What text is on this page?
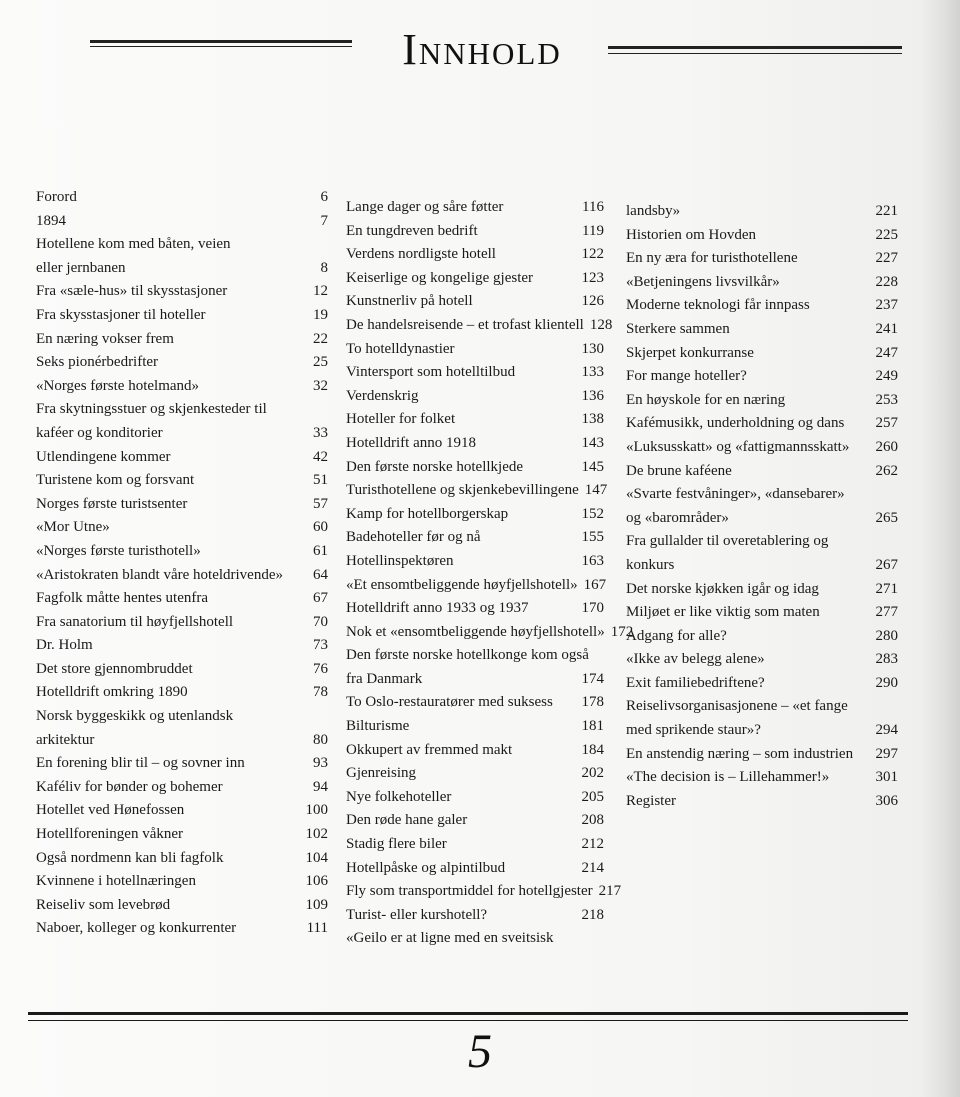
Innhold
Forord	6
1894	7
Hotellene kom med båten, veien
eller jernbanen	8
Fra «sæle-hus» til skysstasjoner	12
Fra skysstasjoner til hoteller	19
En næring vokser frem	22
Seks pionérbedrifter	25
«Norges første hotelmand»	32
Fra skytningsstuer og skjenkesteder til
kaféer og konditorier	33
Utlendingene kommer	42
Turistene kom og forsvant	51
Norges første turistsenter	57
«Mor Utne»	60
«Norges første turisthotell»	61
«Aristokraten blandt våre hoteldrivende»	64
Fagfolk måtte hentes utenfra	67
Fra sanatorium til høyfjellshotell	70
Dr. Holm	73
Det store gjennombruddet	76
Hotelldrift omkring 1890	78
Norsk byggeskikk og utenlandsk
arkitektur	80
En forening blir til – og sovner inn	93
Kaféliv for bønder og bohemer	94
Hotellet ved Hønefossen	100
Hotellforeningen våkner	102
Også nordmenn kan bli fagfolk	104
Kvinnene i hotellnæringen	106
Reiseliv som levebrød	109
Naboer, kolleger og konkurrenter	111
Lange dager og såre føtter	116
En tungdreven bedrift	119
Verdens nordligste hotell	122
Keiserlige og kongelige gjester	123
Kunstnerliv på hotell	126
De handelsreisende – et trofast klientell 128
To hotelldynastier	130
Vintersport som hotelltilbud	133
Verdenskrig	136
Hoteller for folket	138
Hotelldrift anno 1918	143
Den første norske hotellkjede	145
Turisthotellene og skjenkebevillingene 147
Kamp for hotellborgerskap	152
Badehoteller før og nå	155
Hotellinspektøren	163
«Et ensomtbeliggende høyfjellshotell» 167
Hotelldrift anno 1933 og 1937	170
Nok et «ensomtbeliggende høyfjellshotell» 172
Den første norske hotellkonge kom også
fra Danmark	174
To Oslo-restauratører med suksess	178
Bilturisme	181
Okkupert av fremmed makt	184
Gjenreising	202
Nye folkehoteller	205
Den røde hane galer	208
Stadig flere biler	212
Hotellpåske og alpintilbud	214
Fly som transportmiddel for hotellgjester 217
Turist- eller kurshotell?	218
«Geilo er at ligne med en sveitsisk
landsby»	221
Historien om Hovden	225
En ny æra for turisthotellene	227
«Betjeningens livsvilkår»	228
Moderne teknologi får innpass	237
Sterkere sammen	241
Skjerpet konkurranse	247
For mange hoteller?	249
En høyskole for en næring	253
Kafémusikk, underholdning og dans	257
«Luksusskatt» og «fattigmannsskatt»	260
De brune kaféene	262
«Svarte festvåninger», «dansebarer»
og «barområder»	265
Fra gullalder til overetablering og
konkurs	267
Det norske kjøkken igår og idag	271
Miljøet er like viktig som maten	277
Adgang for alle?	280
«Ikke av belegg alene»	283
Exit familiebedriftene?	290
Reiselivsorganisasjonene – «et fange
med sprikende staur»?	294
En anstendig næring – som industrien	297
«The decision is – Lillehammer!»	301
Register	306
5
